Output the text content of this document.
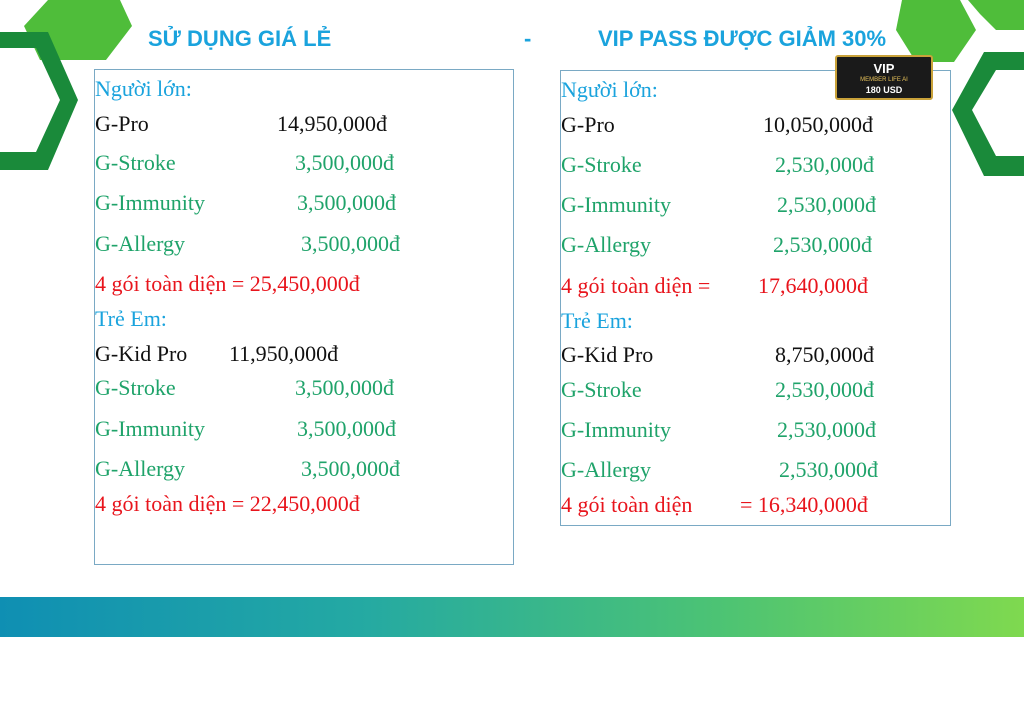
SỬ DỤNG GIÁ LẺ	-	VIP PASS ĐƯỢC GIẢM 30%
Người lớn:
G-Pro	14,950,000đ
G-Stroke	3,500,000đ
G-Immunity	3,500,000đ
G-Allergy	3,500,000đ
4 gói toàn diện = 25,450,000đ
Trẻ Em:
G-Kid Pro 11,950,000đ
G-Stroke	3,500,000đ
G-Immunity	3,500,000đ
G-Allergy	3,500,000đ
4 gói toàn diện = 22,450,000đ
Người lớn:
G-Pro	10,050,000đ
G-Stroke	2,530,000đ
G-Immunity	2,530,000đ
G-Allergy	2,530,000đ
4 gói toàn diện = 17,640,000đ
Trẻ Em:
G-Kid Pro	8,750,000đ
G-Stroke	2,530,000đ
G-Immunity	2,530,000đ
G-Allergy	2,530,000đ
4 gói toàn diện = 16,340,000đ
VIP
MEMBER LIFE AI
180 USD
